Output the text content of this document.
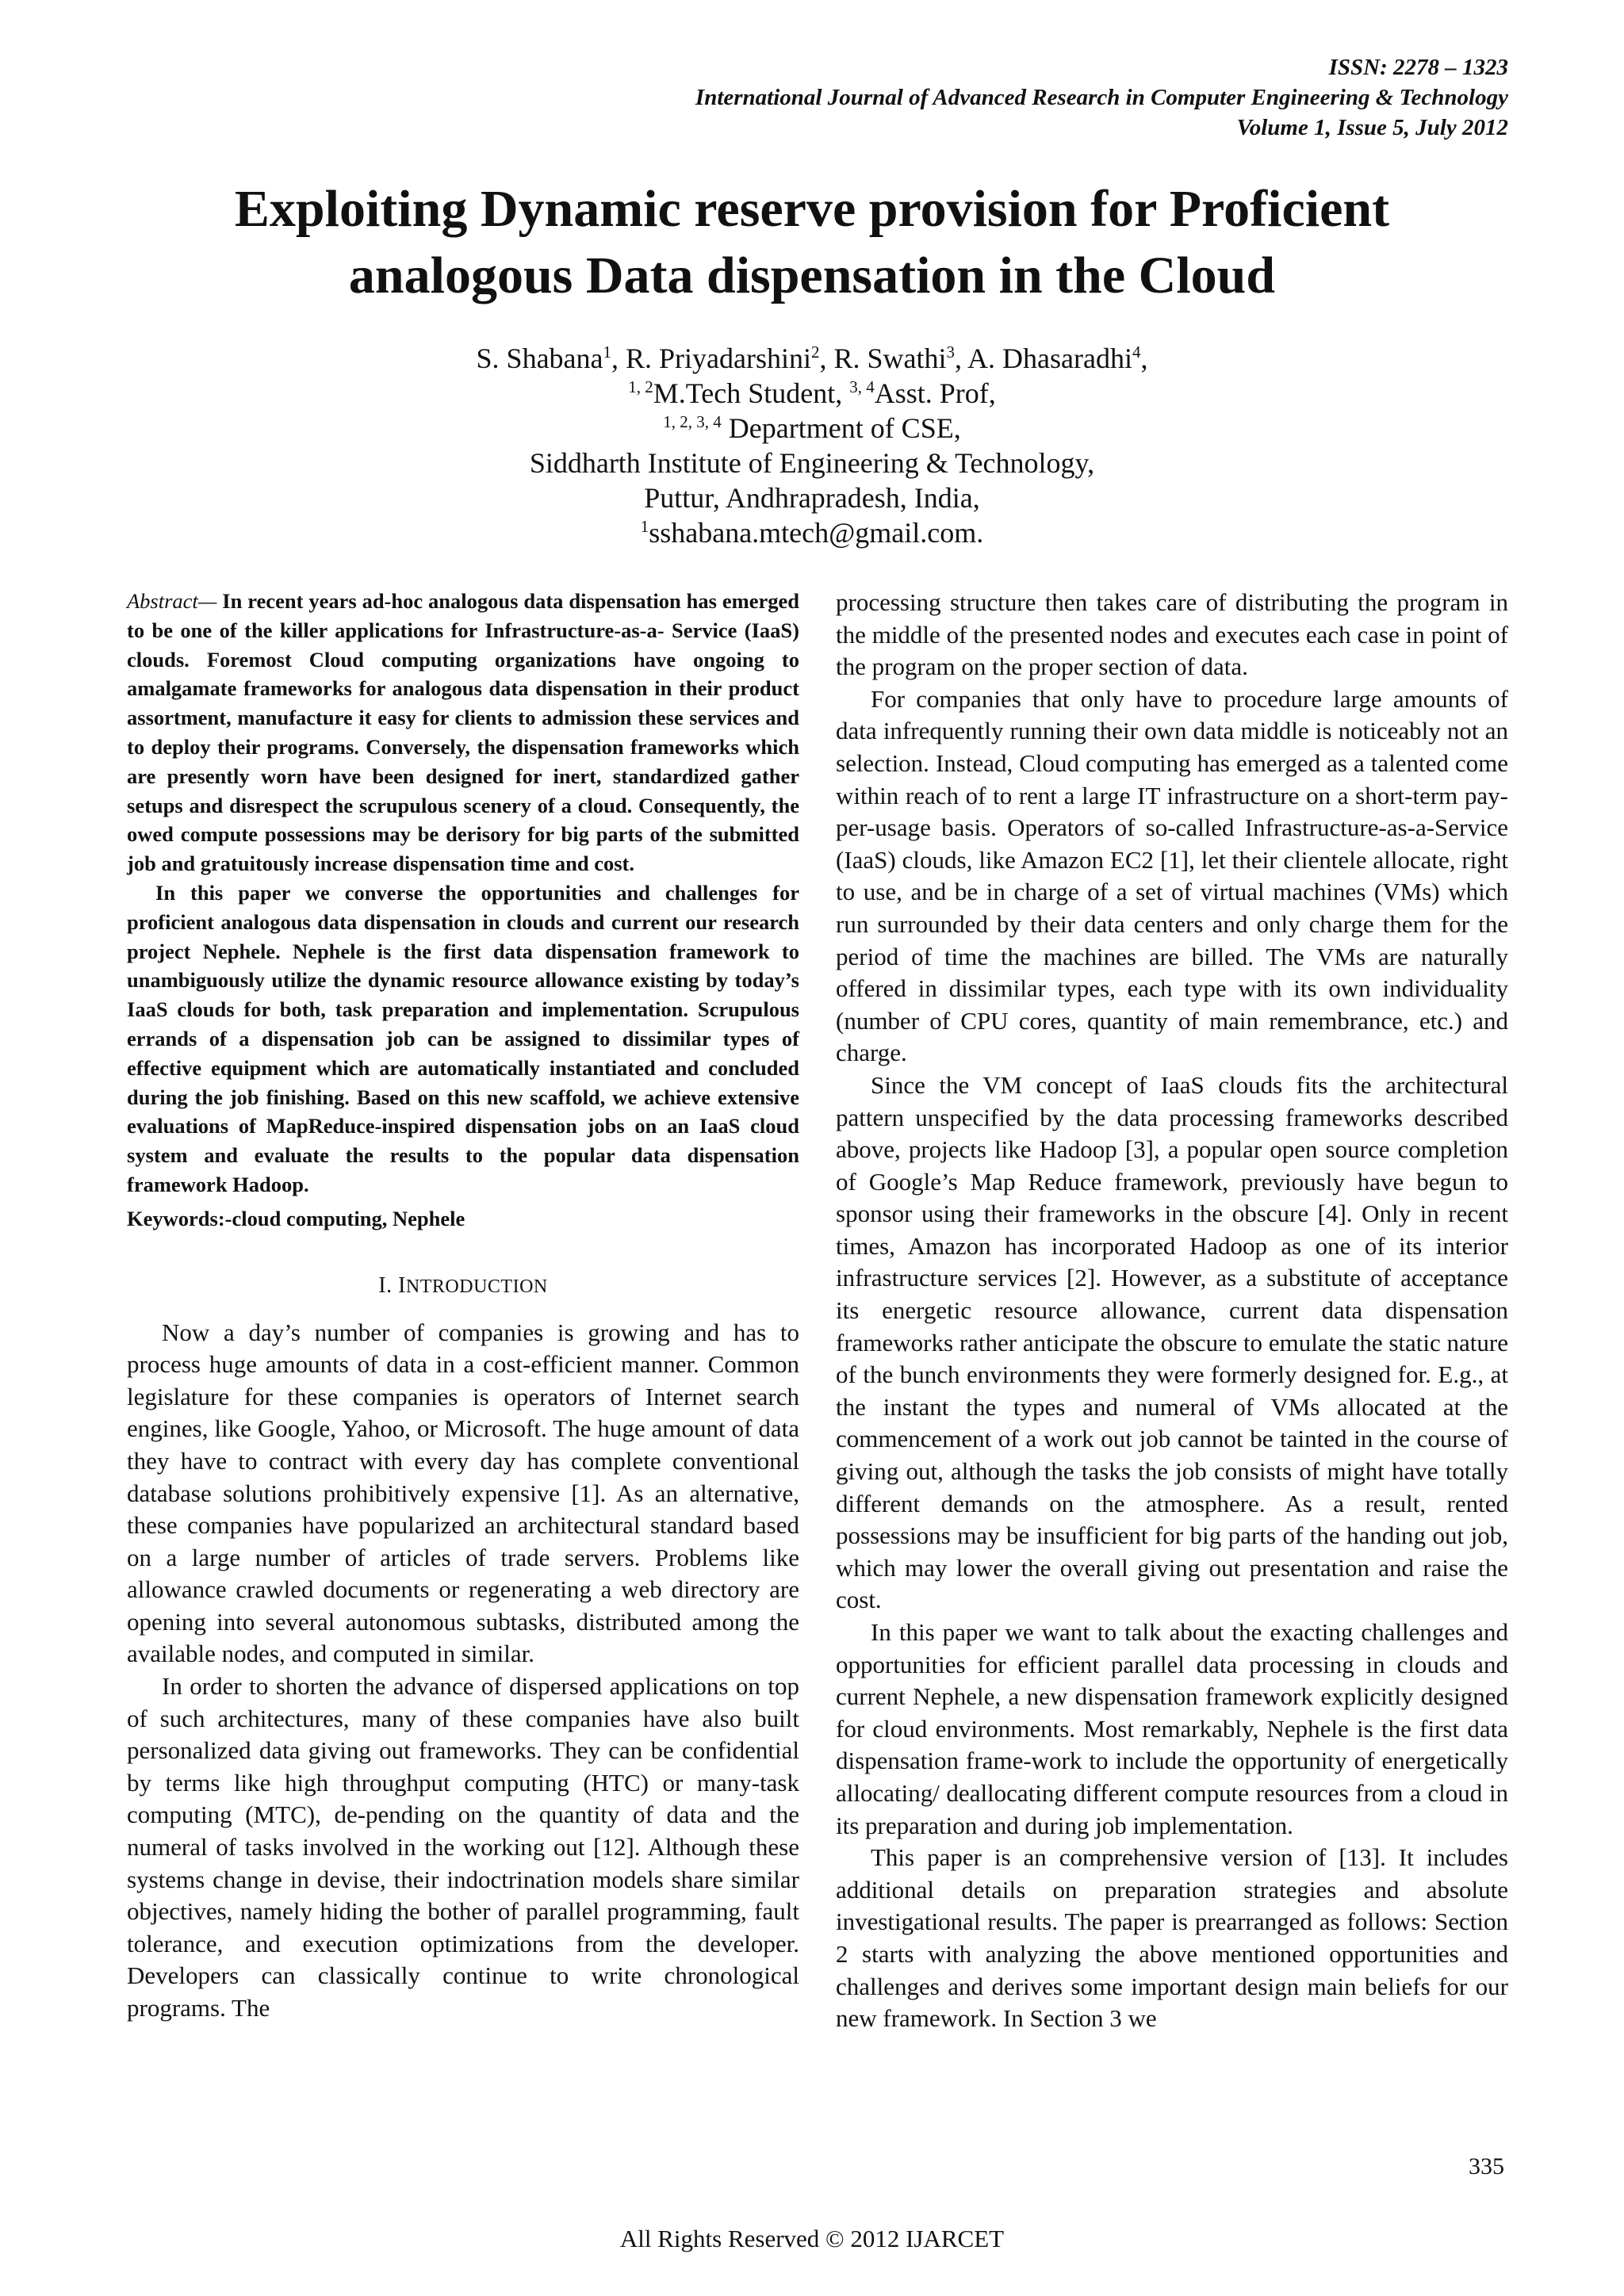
ISSN: 2278 – 1323
International Journal of Advanced Research in Computer Engineering & Technology
Volume 1, Issue 5, July 2012
Exploiting Dynamic reserve provision for Proficient
analogous Data dispensation in the Cloud
S. Shabana$^1$, R. Priyadarshini$^2$, R. Swathi$^3$, A. Dhasaradhi$^4$,
$^{1, 2}$M.Tech Student, $^{3, 4}$Asst. Prof,
$^{1, 2, 3, 4}$ Department of CSE,
Siddharth Institute of Engineering & Technology,
Puttur, Andhrapradesh, India,
$^1$sshabana.mtech@gmail.com.

Abstract— In recent years ad-hoc analogous data dispensation has emerged to be one of the killer applications for Infrastructure-as-a- Service (IaaS) clouds. Foremost Cloud computing organizations have ongoing to amalgamate frameworks for analogous data dispensation in their product assortment, manufacture it easy for clients to admission these services and to deploy their programs. Conversely, the dispensation frameworks which are presently worn have been designed for inert, standardized gather setups and disrespect the scrupulous scenery of a cloud. Consequently, the owed compute possessions may be derisory for big parts of the submitted job and gratuitously increase dispensation time and cost.

In this paper we converse the opportunities and challenges for proficient analogous data dispensation in clouds and current our research project Nephele. Nephele is the first data dispensation framework to unambiguously utilize the dynamic resource allowance existing by today’s IaaS clouds for both, task preparation and implementation. Scrupulous errands of a dispensation job can be assigned to dissimilar types of effective equipment which are automatically instantiated and concluded during the job finishing. Based on this new scaffold, we achieve extensive evaluations of MapReduce-inspired dispensation jobs on an IaaS cloud system and evaluate the results to the popular data dispensation framework Hadoop.

Keywords:-cloud computing, Nephele
I. INTRODUCTION

Now a day’s number of companies is growing and has to process huge amounts of data in a cost-efficient manner. Common legislature for these companies is operators of Internet search engines, like Google, Yahoo, or Microsoft. The huge amount of data they have to contract with every day has complete conventional database solutions prohibitively expensive [1]. As an alternative, these companies have popularized an architectural standard based on a large number of articles of trade servers. Problems like allowance crawled documents or regenerating a web directory are opening into several autonomous subtasks, distributed among the available nodes, and computed in similar.

In order to shorten the advance of dispersed applications on top of such architectures, many of these companies have also built personalized data giving out frameworks. They can be confidential by terms like high throughput computing (HTC) or many-task computing (MTC), de-pending on the quantity of data and the numeral of tasks involved in the working out [12]. Although these systems change in devise, their indoctrination models share similar objectives, namely hiding the bother of parallel programming, fault tolerance, and execution optimizations from the developer. Developers can classically continue to write chronological programs. The

processing structure then takes care of distributing the program in the middle of the presented nodes and executes each case in point of the program on the proper section of data.

For companies that only have to procedure large amounts of data infrequently running their own data middle is noticeably not an selection. Instead, Cloud computing has emerged as a talented come within reach of to rent a large IT infrastructure on a short-term pay-per-usage basis. Operators of so-called Infrastructure-as-a-Service (IaaS) clouds, like Amazon EC2 [1], let their clientele allocate, right to use, and be in charge of a set of virtual machines (VMs) which run surrounded by their data centers and only charge them for the period of time the machines are billed. The VMs are naturally offered in dissimilar types, each type with its own individuality (number of CPU cores, quantity of main remembrance, etc.) and charge.

Since the VM concept of IaaS clouds fits the architectural pattern unspecified by the data processing frameworks described above, projects like Hadoop [3], a popular open source completion of Google’s Map Reduce framework, previously have begun to sponsor using their frameworks in the obscure [4]. Only in recent times, Amazon has incorporated Hadoop as one of its interior infrastructure services [2]. However, as a substitute of acceptance its energetic resource allowance, current data dispensation frameworks rather anticipate the obscure to emulate the static nature of the bunch environments they were formerly designed for. E.g., at the instant the types and numeral of VMs allocated at the commencement of a work out job cannot be tainted in the course of giving out, although the tasks the job consists of might have totally different demands on the atmosphere. As a result, rented possessions may be insufficient for big parts of the handing out job, which may lower the overall giving out presentation and raise the cost.

In this paper we want to talk about the exacting challenges and opportunities for efficient parallel data processing in clouds and current Nephele, a new dispensation framework explicitly designed for cloud environments. Most remarkably, Nephele is the first data dispensation frame-work to include the opportunity of energetically allocating/ deallocating different compute resources from a cloud in its preparation and during job implementation.

This paper is an comprehensive version of [13]. It includes additional details on preparation strategies and absolute investigational results. The paper is prearranged as follows: Section 2 starts with analyzing the above mentioned opportunities and challenges and derives some important design main beliefs for our new framework. In Section 3 we

335
All Rights Reserved © 2012 IJARCET
